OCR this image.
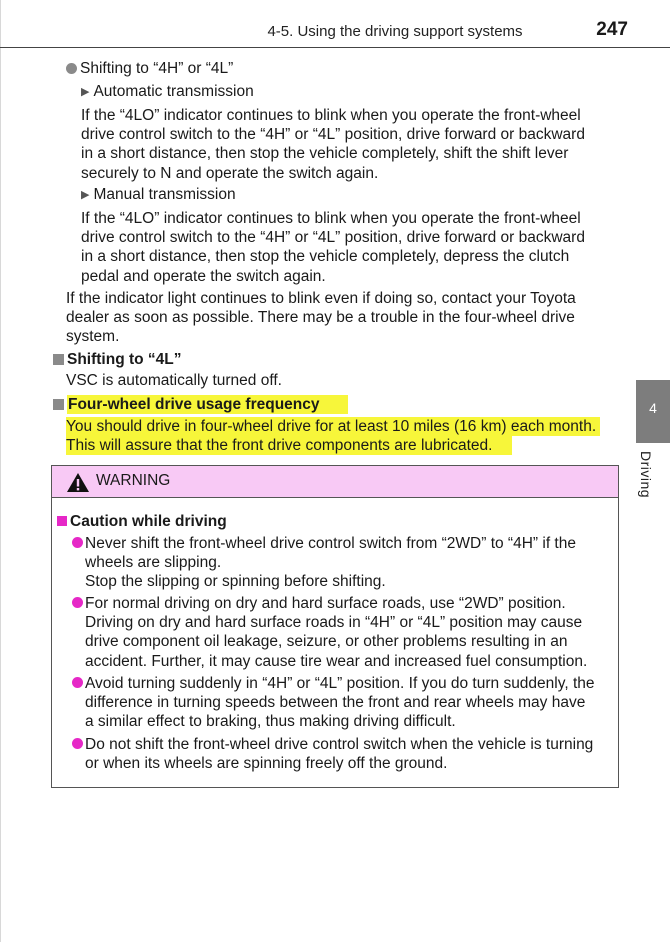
4-5. Using the driving support systems	247
4
Driving
Shifting to “4H” or “4L”
▶ Automatic transmission
If the “4LO” indicator continues to blink when you operate the front-wheel
drive control switch to the “4H” or “4L” position, drive forward or backward
in a short distance, then stop the vehicle completely, shift the shift lever
securely to N and operate the switch again.
▶ Manual transmission
If the “4LO” indicator continues to blink when you operate the front-wheel
drive control switch to the “4H” or “4L” position, drive forward or backward
in a short distance, then stop the vehicle completely, depress the clutch
pedal and operate the switch again.
If the indicator light continues to blink even if doing so, contact your Toyota
dealer as soon as possible. There may be a trouble in the four-wheel drive
system.
Shifting to “4L”
VSC is automatically turned off.
Four-wheel drive usage frequency
You should drive in four-wheel drive for at least 10 miles (16 km) each month.
This will assure that the front drive components are lubricated.
WARNING
Caution while driving
Never shift the front-wheel drive control switch from “2WD” to “4H” if the
wheels are slipping.
Stop the slipping or spinning before shifting.
For normal driving on dry and hard surface roads, use “2WD” position.
Driving on dry and hard surface roads in “4H” or “4L” position may cause
drive component oil leakage, seizure, or other problems resulting in an
accident. Further, it may cause tire wear and increased fuel consumption.
Avoid turning suddenly in “4H” or “4L” position. If you do turn suddenly, the
difference in turning speeds between the front and rear wheels may have
a similar effect to braking, thus making driving difficult.
Do not shift the front-wheel drive control switch when the vehicle is turning
or when its wheels are spinning freely off the ground.
